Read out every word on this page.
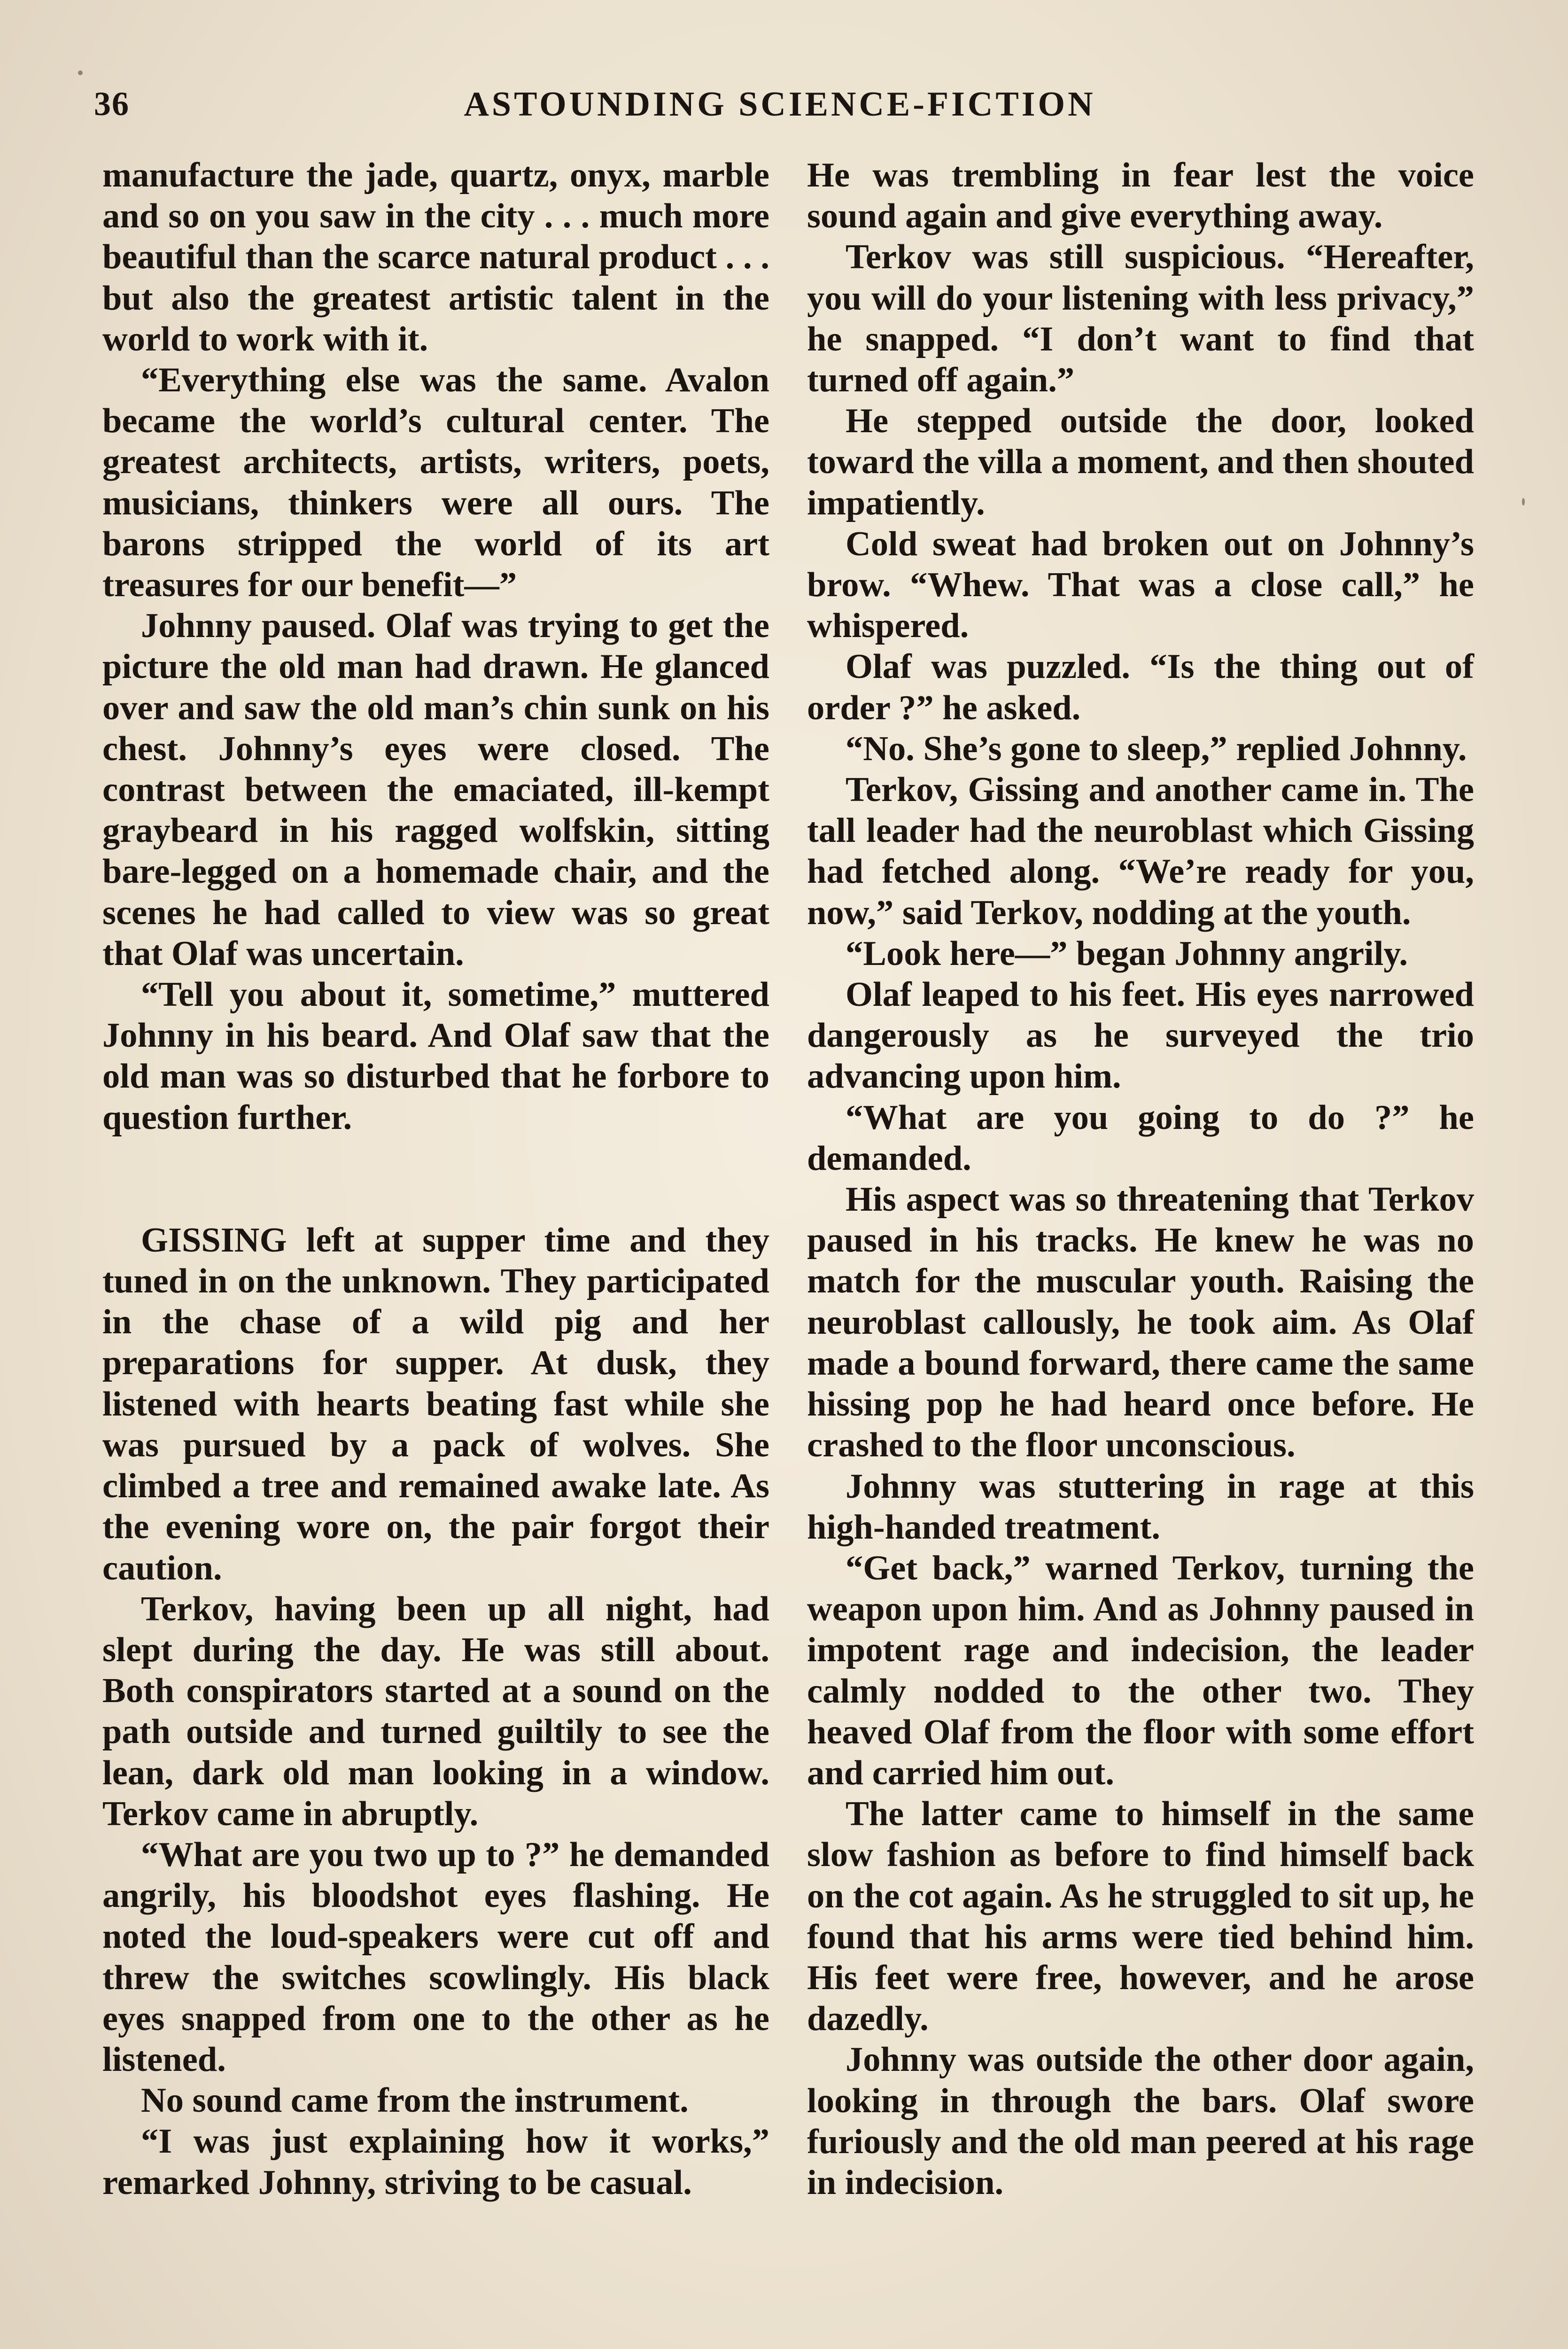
36	ASTOUNDING SCIENCE-FICTION

manufacture the jade, quartz, onyx, marble and so on you saw in the city . . . much more beautiful than the scarce natural product . . . but also the greatest artistic talent in the world to work with it.

“Everything else was the same. Avalon became the world’s cultural center. The greatest architects, artists, writers, poets, musicians, thinkers were all ours. The barons stripped the world of its art treasures for our benefit—”

Johnny paused. Olaf was trying to get the picture the old man had drawn. He glanced over and saw the old man’s chin sunk on his chest. Johnny’s eyes were closed. The contrast between the emaciated, ill-kempt graybeard in his ragged wolfskin, sitting bare-legged on a homemade chair, and the scenes he had called to view was so great that Olaf was uncertain.

“Tell you about it, sometime,” muttered Johnny in his beard. And Olaf saw that the old man was so disturbed that he forbore to question further.

GISSING left at supper time and they tuned in on the unknown. They participated in the chase of a wild pig and her preparations for supper. At dusk, they listened with hearts beating fast while she was pursued by a pack of wolves. She climbed a tree and remained awake late. As the evening wore on, the pair forgot their caution.

Terkov, having been up all night, had slept during the day. He was still about. Both conspirators started at a sound on the path outside and turned guiltily to see the lean, dark old man looking in a window. Terkov came in abruptly.

“What are you two up to ?” he demanded angrily, his bloodshot eyes flashing. He noted the loud-speakers were cut off and threw the switches scowlingly. His black eyes snapped from one to the other as he listened.

No sound came from the instrument.

“I was just explaining how it works,” remarked Johnny, striving to be casual.

He was trembling in fear lest the voice sound again and give everything away.

Terkov was still suspicious. “Hereafter, you will do your listening with less privacy,” he snapped. “I don’t want to find that turned off again.”

He stepped outside the door, looked toward the villa a moment, and then shouted impatiently.

Cold sweat had broken out on Johnny’s brow. “Whew. That was a close call,” he whispered.

Olaf was puzzled. “Is the thing out of order ?” he asked.

“No. She’s gone to sleep,” replied Johnny.

Terkov, Gissing and another came in. The tall leader had the neuroblast which Gissing had fetched along. “We’re ready for you, now,” said Terkov, nodding at the youth.

“Look here—” began Johnny angrily.

Olaf leaped to his feet. His eyes narrowed dangerously as he surveyed the trio advancing upon him.

“What are you going to do ?” he demanded.

His aspect was so threatening that Terkov paused in his tracks. He knew he was no match for the muscular youth. Raising the neuroblast callously, he took aim. As Olaf made a bound forward, there came the same hissing pop he had heard once before. He crashed to the floor unconscious.

Johnny was stuttering in rage at this high-handed treatment.

“Get back,” warned Terkov, turning the weapon upon him. And as Johnny paused in impotent rage and indecision, the leader calmly nodded to the other two. They heaved Olaf from the floor with some effort and carried him out.

The latter came to himself in the same slow fashion as before to find himself back on the cot again. As he struggled to sit up, he found that his arms were tied behind him. His feet were free, however, and he arose dazedly.

Johnny was outside the other door again, looking in through the bars. Olaf swore furiously and the old man peered at his rage in indecision.
